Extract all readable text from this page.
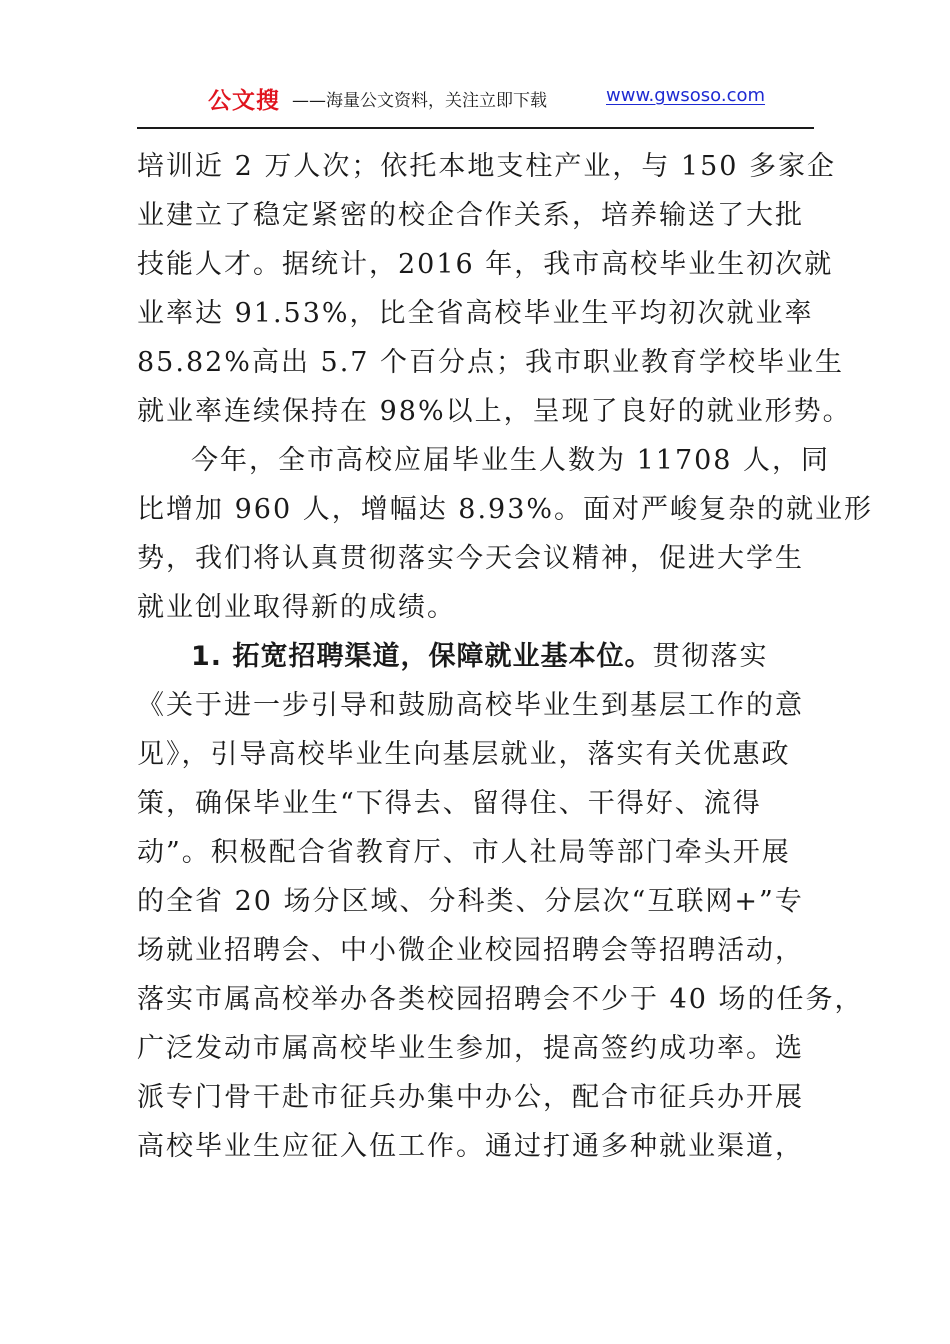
公文搜 ——海量公文资料，关注立即下载	www.gwsoso.com
培训近 2 万人次；依托本地支柱产业，与 150 多家企
业建立了稳定紧密的校企合作关系，培养输送了大批
技能人才。据统计，2016 年，我市高校毕业生初次就
业率达 91.53%，比全省高校毕业生平均初次就业率
85.82%高出 5.7 个百分点；我市职业教育学校毕业生
就业率连续保持在 98%以上，呈现了良好的就业形势。
今年，全市高校应届毕业生人数为 11708 人，同
比增加 960 人，增幅达 8.93%。面对严峻复杂的就业形
势，我们将认真贯彻落实今天会议精神，促进大学生
就业创业取得新的成绩。
1. 拓宽招聘渠道，保障就业基本位。贯彻落实
《关于进一步引导和鼓励高校毕业生到基层工作的意
见》，引导高校毕业生向基层就业，落实有关优惠政
策，确保毕业生“下得去、留得住、干得好、流得
动”。积极配合省教育厅、市人社局等部门牵头开展
的全省 20 场分区域、分科类、分层次“互联网+”专
场就业招聘会、中小微企业校园招聘会等招聘活动，
落实市属高校举办各类校园招聘会不少于 40 场的任务，
广泛发动市属高校毕业生参加，提高签约成功率。选
派专门骨干赴市征兵办集中办公，配合市征兵办开展
高校毕业生应征入伍工作。通过打通多种就业渠道，
